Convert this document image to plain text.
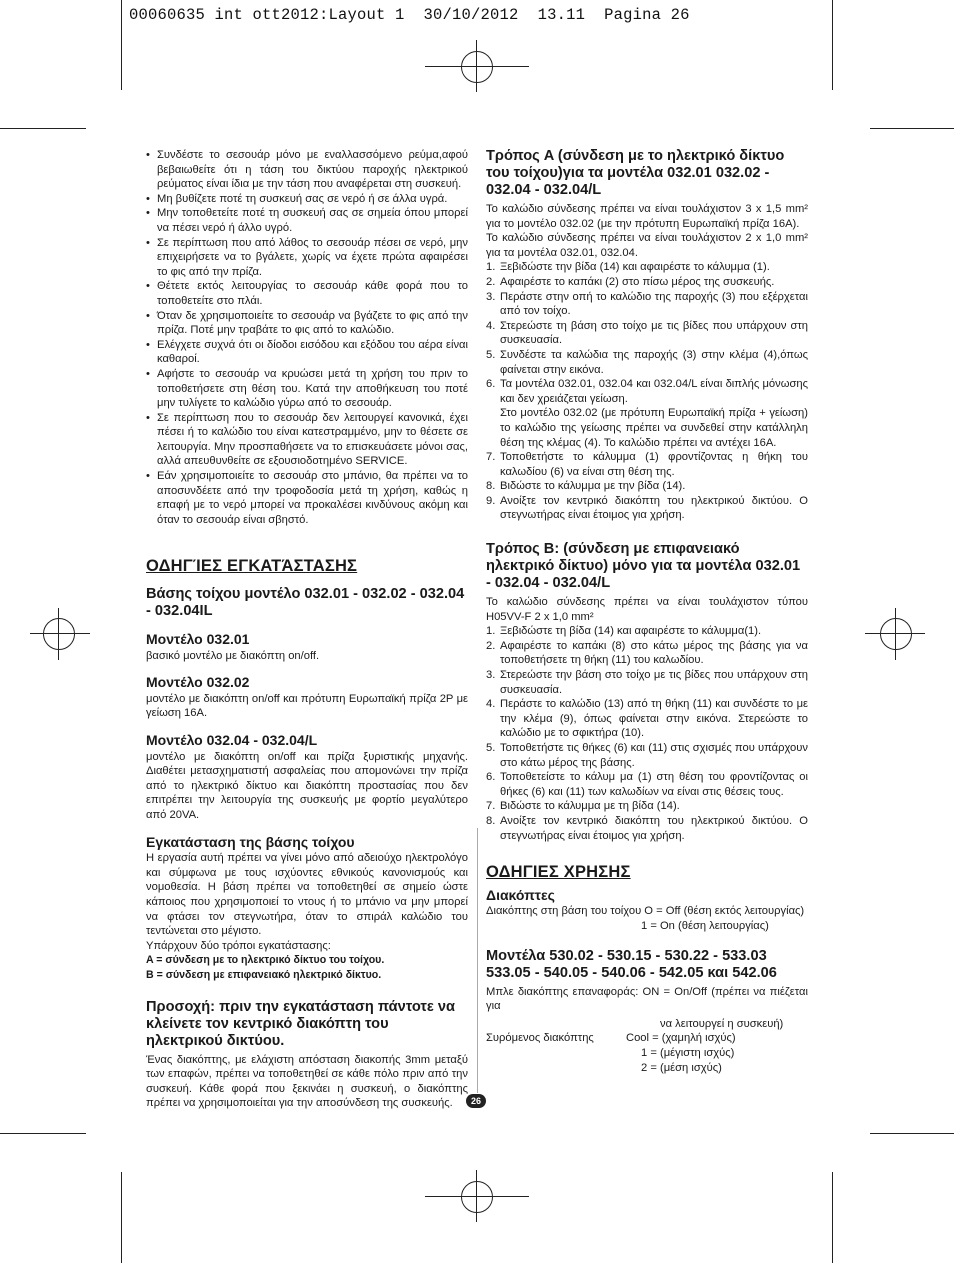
00060635 int ott2012:Layout 1  30/10/2012  13.11  Pagina 26
• Συνδέστε το σεσουάρ μόνο με εναλλασσόμενο ρεύμα,αφού βεβαιωθείτε ότι η τάση του δικτύου παροχής ηλεκτρικού ρεύματος είναι ίδια με την τάση που αναφέρεται στη συσκευή.
• Μη βυθίζετε ποτέ τη συσκευή σας σε νερό ή σε άλλα υγρά.
• Μην τοποθετείτε ποτέ τη συσκευή σας σε σημεία όπου μπορεί να πέσει νερό ή άλλο υγρό.
• Σε περίπτωση που από λάθος το σεσουάρ πέσει σε νερό, μην επιχειρήσετε να το βγάλετε, χωρίς να έχετε πρώτα αφαιρέσει το φις από την πρίζα.
• Θέτετε εκτός λειτουργίας το σεσουάρ κάθε φορά που το τοποθετείτε στο πλάι.
• Όταν δε χρησιμοποιείτε το σεσουάρ να βγάζετε το φις από την πρίζα. Ποτέ μην τραβάτε το φις από το καλώδιο.
• Ελέγχετε συχνά ότι οι δίοδοι εισόδου και εξόδου του αέρα είναι καθαροί.
• Αφήστε το σεσουάρ να κρυώσει μετά τη χρήση του πριν το τοποθετήσετε στη θέση του. Κατά την αποθήκευση του ποτέ μην τυλίγετε το καλώδιο γύρω από το σεσουάρ.
• Σε περίπτωση που το σεσουάρ δεν λειτουργεί κανονικά, έχει πέσει ή το καλώδιο του είναι κατεστραμμένο, μην το θέσετε σε λειτουργία. Μην προσπαθήσετε να το επισκευάσετε μόνοι σας, αλλά απευθυνθείτε σε εξουσιοδοτημένο SERVICE.
• Εάν χρησιμοποιείτε το σεσουάρ στο μπάνιο, θα πρέπει να το αποσυνδέετε από την τροφοδοσία μετά τη χρήση, καθώς η επαφή με το νερό μπορεί να προκαλέσει κινδύνους ακόμη και όταν το σεσουάρ είναι σβηστό.
ΟΔΗΓΊΕΣ ΕΓΚΑΤΆΣΤΑΣΗΣ
Βάσης τοίχου μοντέλο 032.01 - 032.02 - 032.04 - 032.04IL
Μοντέλο 032.01

βασικό μοντέλο με διακόπτη on/off.

Μοντέλο 032.02

μοντέλο με διακόπτη on/off και πρότυπη Ευρωπαϊκή πρίζα 2P με γείωση 16A.

Μοντέλο 032.04 - 032.04/L

μοντέλο με διακόπτη on/off και πρίζα ξυριστικής μηχανής. Διαθέτει μετασχηματιστή ασφαλείας που απομονώνει την πρίζα από το ηλεκτρικό δίκτυο και διακόπτη προστασίας που δεν επιτρέπει την λειτουργία της συσκευής με φορτίο μεγαλύτερο από 20VA.

Εγκατάσταση της βάσης τοίχου

Η εργασία αυτή πρέπει να γίνει μόνο από αδειούχο ηλεκτρολόγο και σύμφωνα με τους ισχύοντες εθνικούς κανονισμούς και νομοθεσία. Η βάση πρέπει να τοποθετηθεί σε σημείο ώστε κάποιος που χρησιμοποιεί το ντους ή το μπάνιο να μην μπορεί να φτάσει τον στεγνωτήρα, όταν το σπιράλ καλώδιο του τεντώνεται στο μέγιστο.

Υπάρχουν δύο τρόποι εγκατάστασης:

A = σύνδεση με το ηλεκτρικό δίκτυο του τοίχου.

B = σύνδεση με επιφανειακό ηλεκτρικό δίκτυο.

Προσοχή: πριν την εγκατάσταση πάντοτε να κλείνετε τον κεντρικό διακόπτη του ηλεκτρικού δικτύου.

Ένας διακόπτης, με ελάχιστη απόσταση διακοπής 3mm μεταξύ των επαφών, πρέπει να τοποθετηθεί σε κάθε πόλο πριν από την συσκευή. Κάθε φορά που ξεκινάει η συσκευή, ο διακόπτης πρέπει να χρησιμοποιείται για την αποσύνδεση της συσκευής.

Τρόπος A (σύνδεση με το ηλεκτρικό δίκτυο του τοίχου)για τα μοντέλα 032.01 032.02 - 032.04 - 032.04/L

Το καλώδιο σύνδεσης πρέπει να είναι τουλάχιστον 3 x 1,5 mm² για το μοντέλο 032.02 (με την πρότυπη Ευρωπαϊκή πρίζα 16A).

Το καλώδιο σύνδεσης πρέπει να είναι τουλάχιστον 2 x 1,0 mm² για τα μοντέλα 032.01, 032.04.

1. Ξεβιδώστε την βίδα (14) και αφαιρέστε το κάλυμμα (1).
2. Αφαιρέστε το καπάκι (2) στο πίσω μέρος της συσκευής.
3. Περάστε στην οπή το καλώδιο της παροχής (3) που εξέρχεται από τον τοίχο.
4. Στερεώστε τη βάση στο τοίχο με τις βίδες που υπάρχουν στη συσκευασία.
5. Συνδέστε τα καλώδια της παροχής (3) στην κλέμα (4),όπως φαίνεται στην εικόνα.
6. Τα μοντέλα 032.01, 032.04 και 032.04/L είναι διπλής μόνωσης και δεν χρειάζεται γείωση.

Στο μοντέλο 032.02 (με πρότυπη Ευρωπαϊκή πρίζα + γείωση) το καλώδιο της γείωσης πρέπει να συνδεθεί στην κατάλληλη θέση της κλέμας (4). Το καλώδιο πρέπει να αντέχει 16A.

7. Τοποθετήστε το κάλυμμα (1) φροντίζοντας η θήκη του καλωδίου (6) να είναι στη θέση της.
8. Βιδώστε το κάλυμμα με την βίδα (14).
9. Ανοίξτε τον κεντρικό διακόπτη του ηλεκτρικού δικτύου. Ο στεγνωτήρας είναι έτοιμος για χρήση.
Τρόπος B: (σύνδεση με επιφανειακό ηλεκτρικό δίκτυο) μόνο για τα μοντέλα 032.01 - 032.04 - 032.04/L

Το καλώδιο σύνδεσης πρέπει να είναι τουλάχιστον τύπου H05VV-F 2 x 1,0 mm²

1. Ξεβιδώστε τη βίδα (14) και αφαιρέστε το κάλυμμα(1).
2. Αφαιρέστε το καπάκι (8) στο κάτω μέρος της βάσης για να τοποθετήσετε τη θήκη (11) του καλωδίου.
3. Στερεώστε την βάση στο τοίχο με τις βίδες που υπάρχουν στη συσκευασία.
4. Περάστε το καλώδιο (13) από τη θήκη (11) και συνδέστε το με την κλέμα (9), όπως φαίνεται στην εικόνα. Στερεώστε το καλώδιο με το σφικτήρα (10).
5. Τοποθετήστε τις θήκες (6) και (11) στις σχισμές που υπάρχουν στο κάτω μέρος της βάσης.
6. Τοποθετείστε το κάλυμ μα (1) στη θέση του φροντίζοντας οι θήκες (6) και (11) των καλωδίων να είναι στις θέσεις τους.
7. Βιδώστε το κάλυμμα με τη βίδα (14).
8. Ανοίξτε τον κεντρικό διακόπτη του ηλεκτρικού δικτύου. Ο στεγνωτήρας είναι έτοιμος για χρήση.
ΟΔΗΓΙΕΣ ΧΡΗΣΗΣ
Διακόπτες

Διακόπτης στη βάση του τοίχου O = Off (θέση εκτός λειτουργίας)

1 = On (θέση λειτουργίας)

Μοντέλα 530.02 - 530.15 - 530.22 - 533.03 533.05 - 540.05 - 540.06 - 542.05 και 542.06

Μπλε διακόπτης επαναφοράς: ON = On/Off (πρέπει να πιέζεται για

να λειτουργεί η συσκευή)

Συρόμενος διακόπτης	Cool = (χαμηλή ισχύς)

1 = (μέγιστη ισχύς)

2 = (μέση ισχύς)

26
